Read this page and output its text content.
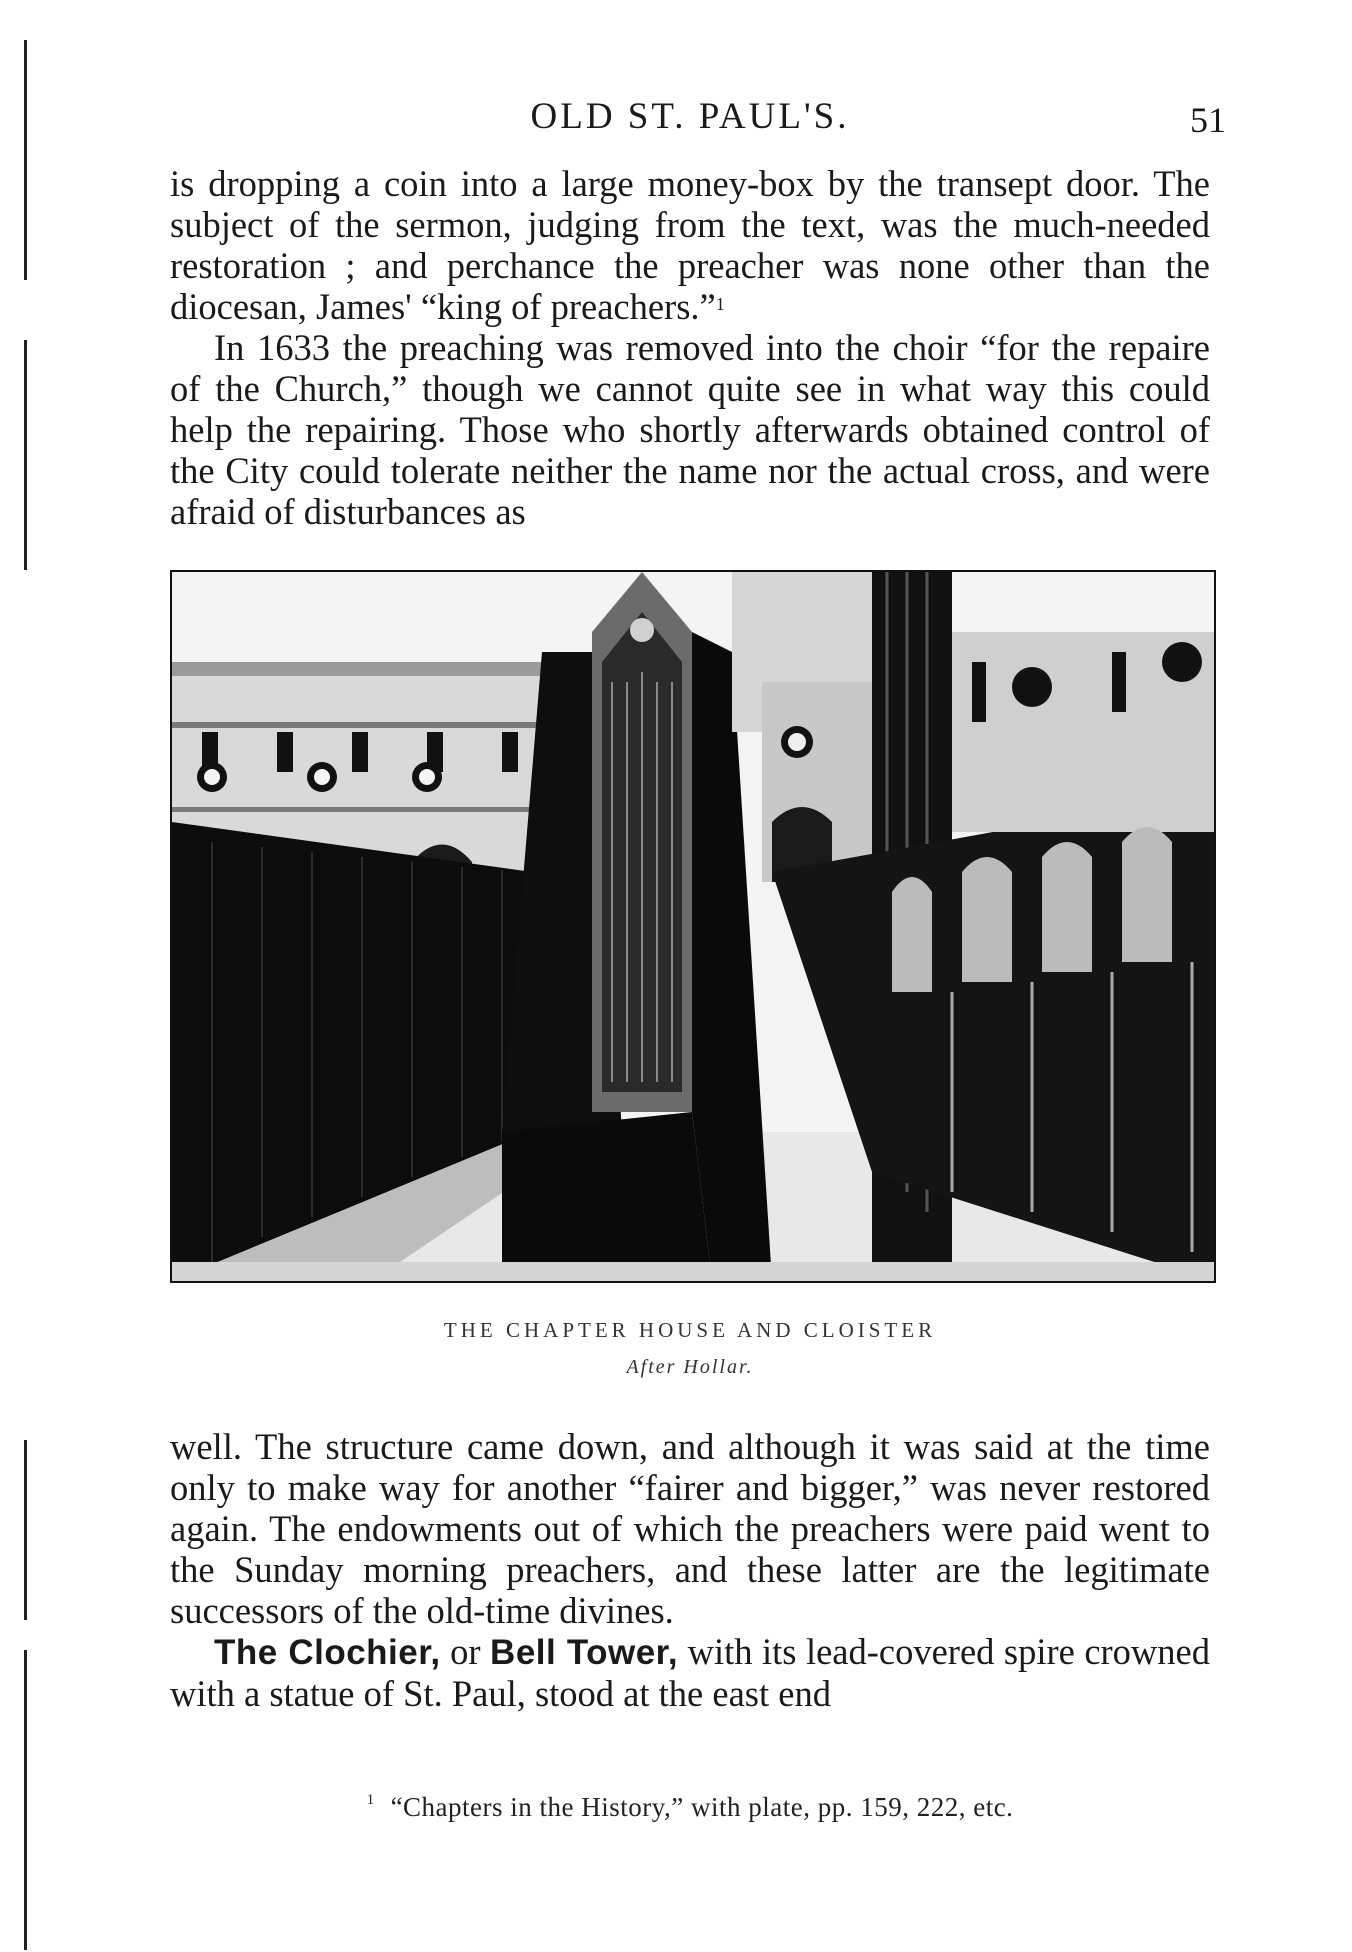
OLD ST. PAUL'S.	51

is dropping a coin into a large money-box by the transept door. The subject of the sermon, judging from the text, was the much-needed restoration ; and perchance the preacher was none other than the diocesan, James' “king of preachers.”$^1$

In 1633 the preaching was removed into the choir “for the repaire of the Church,” though we cannot quite see in what way this could help the repairing. Those who shortly afterwards obtained control of the City could tolerate neither the name nor the actual cross, and were afraid of disturbances as

THE CHAPTER HOUSE AND CLOISTER
After Hollar.

well. The structure came down, and although it was said at the time only to make way for another “fairer and bigger,” was never restored again. The endowments out of which the preachers were paid went to the Sunday morning preachers, and these latter are the legitimate successors of the old-time divines.

The Clochier, or Bell Tower, with its lead-covered spire crowned with a statue of St. Paul, stood at the east end

$^1$ “Chapters in the History,” with plate, pp. 159, 222, etc.
